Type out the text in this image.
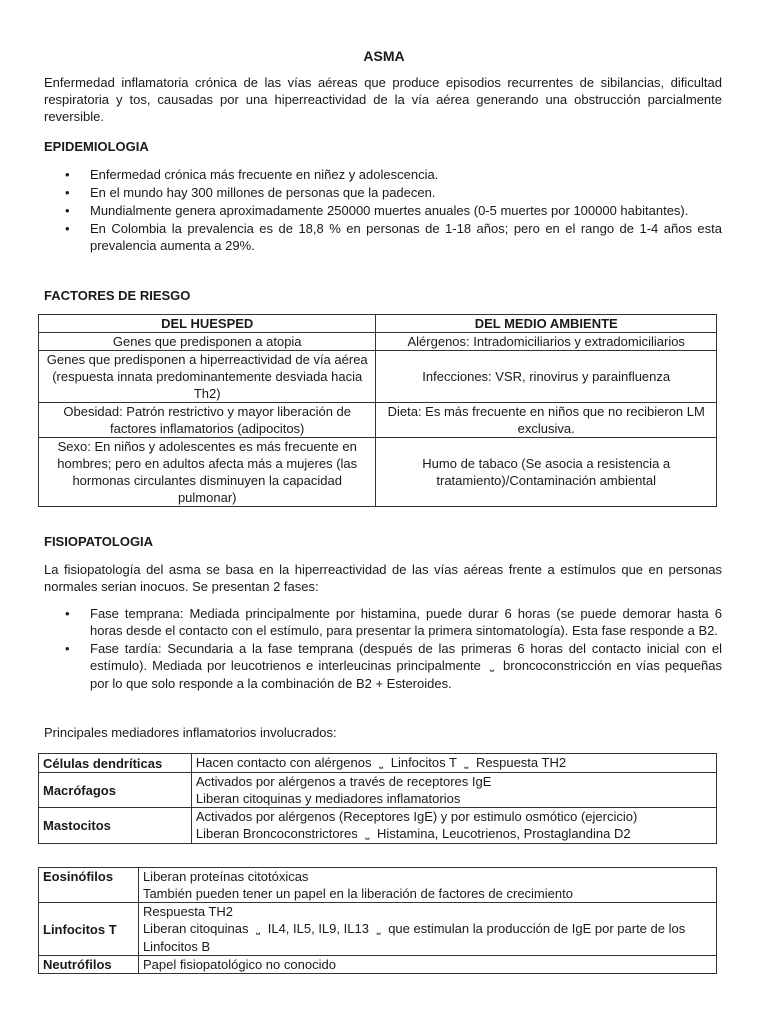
ASMA
Enfermedad inflamatoria crónica de las vías aéreas que produce episodios recurrentes de sibilancias, dificultad respiratoria y tos, causadas por una hiperreactividad de la vía aérea generando una obstrucción parcialmente reversible.
EPIDEMIOLOGIA
• Enfermedad crónica más frecuente en niñez y adolescencia.
• En el mundo hay 300 millones de personas que la padecen.
• Mundialmente genera aproximadamente 250000 muertes anuales (0-5 muertes por 100000 habitantes).
• En Colombia la prevalencia es de 18,8 % en personas de 1-18 años; pero en el rango de 1-4 años esta prevalencia aumenta a 29%.
FACTORES DE RIESGO
DEL HUESPED	DEL MEDIO AMBIENTE
Genes que predisponen a atopia	Alérgenos: Intradomiciliarios y extradomiciliarios
Genes que predisponen a hiperreactividad de vía aérea (respuesta innata predominantemente desviada hacia Th2)	Infecciones: VSR, rinovirus y parainfluenza
Obesidad: Patrón restrictivo y mayor liberación de factores inflamatorios (adipocitos)	Dieta: Es más frecuente en niños que no recibieron LM exclusiva.
Sexo: En niños y adolescentes es más frecuente en hombres; pero en adultos afecta más a mujeres (las hormonas circulantes disminuyen la capacidad pulmonar)	Humo de tabaco (Se asocia a resistencia a tratamiento)/Contaminación ambiental
FISIOPATOLOGIA
La fisiopatología del asma se basa en la hiperreactividad de las vías aéreas frente a estímulos que en personas normales serian inocuos. Se presentan 2 fases:
• Fase temprana: Mediada principalmente por histamina, puede durar 6 horas (se puede demorar hasta 6 horas desde el contacto con el estímulo, para presentar la primera sintomatología). Esta fase responde a B2.
• Fase tardía: Secundaria a la fase temprana (después de las primeras 6 horas del contacto inicial con el estímulo). Mediada por leucotrienos e interleucinas principalmente ⎵ broncoconstricción en vías pequeñas por lo que solo responde a la combinación de B2 + Esteroides.
Principales mediadores inflamatorios involucrados:
Células dendríticas	Hacen contacto con alérgenos ⎵ Linfocitos T ⎵ Respuesta TH2
Macrófagos	Activados por alérgenos a través de receptores IgE
Liberan citoquinas y mediadores inflamatorios

Mastocitos	Activados por alérgenos (Receptores IgE) y por estimulo osmótico (ejercicio)
Liberan Broncoconstrictores ⎵ Histamina, Leucotrienos, Prostaglandina D2
Eosinófilos	Liberan proteínas citotóxicas
También pueden tener un papel en la liberación de factores de crecimiento

Linfocitos T	Respuesta TH2
Liberan citoquinas ⎵ IL4, IL5, IL9, IL13 ⎵ que estimulan la producción de IgE por parte de los Linfocitos B

Neutrófilos	Papel fisiopatológico no conocido
